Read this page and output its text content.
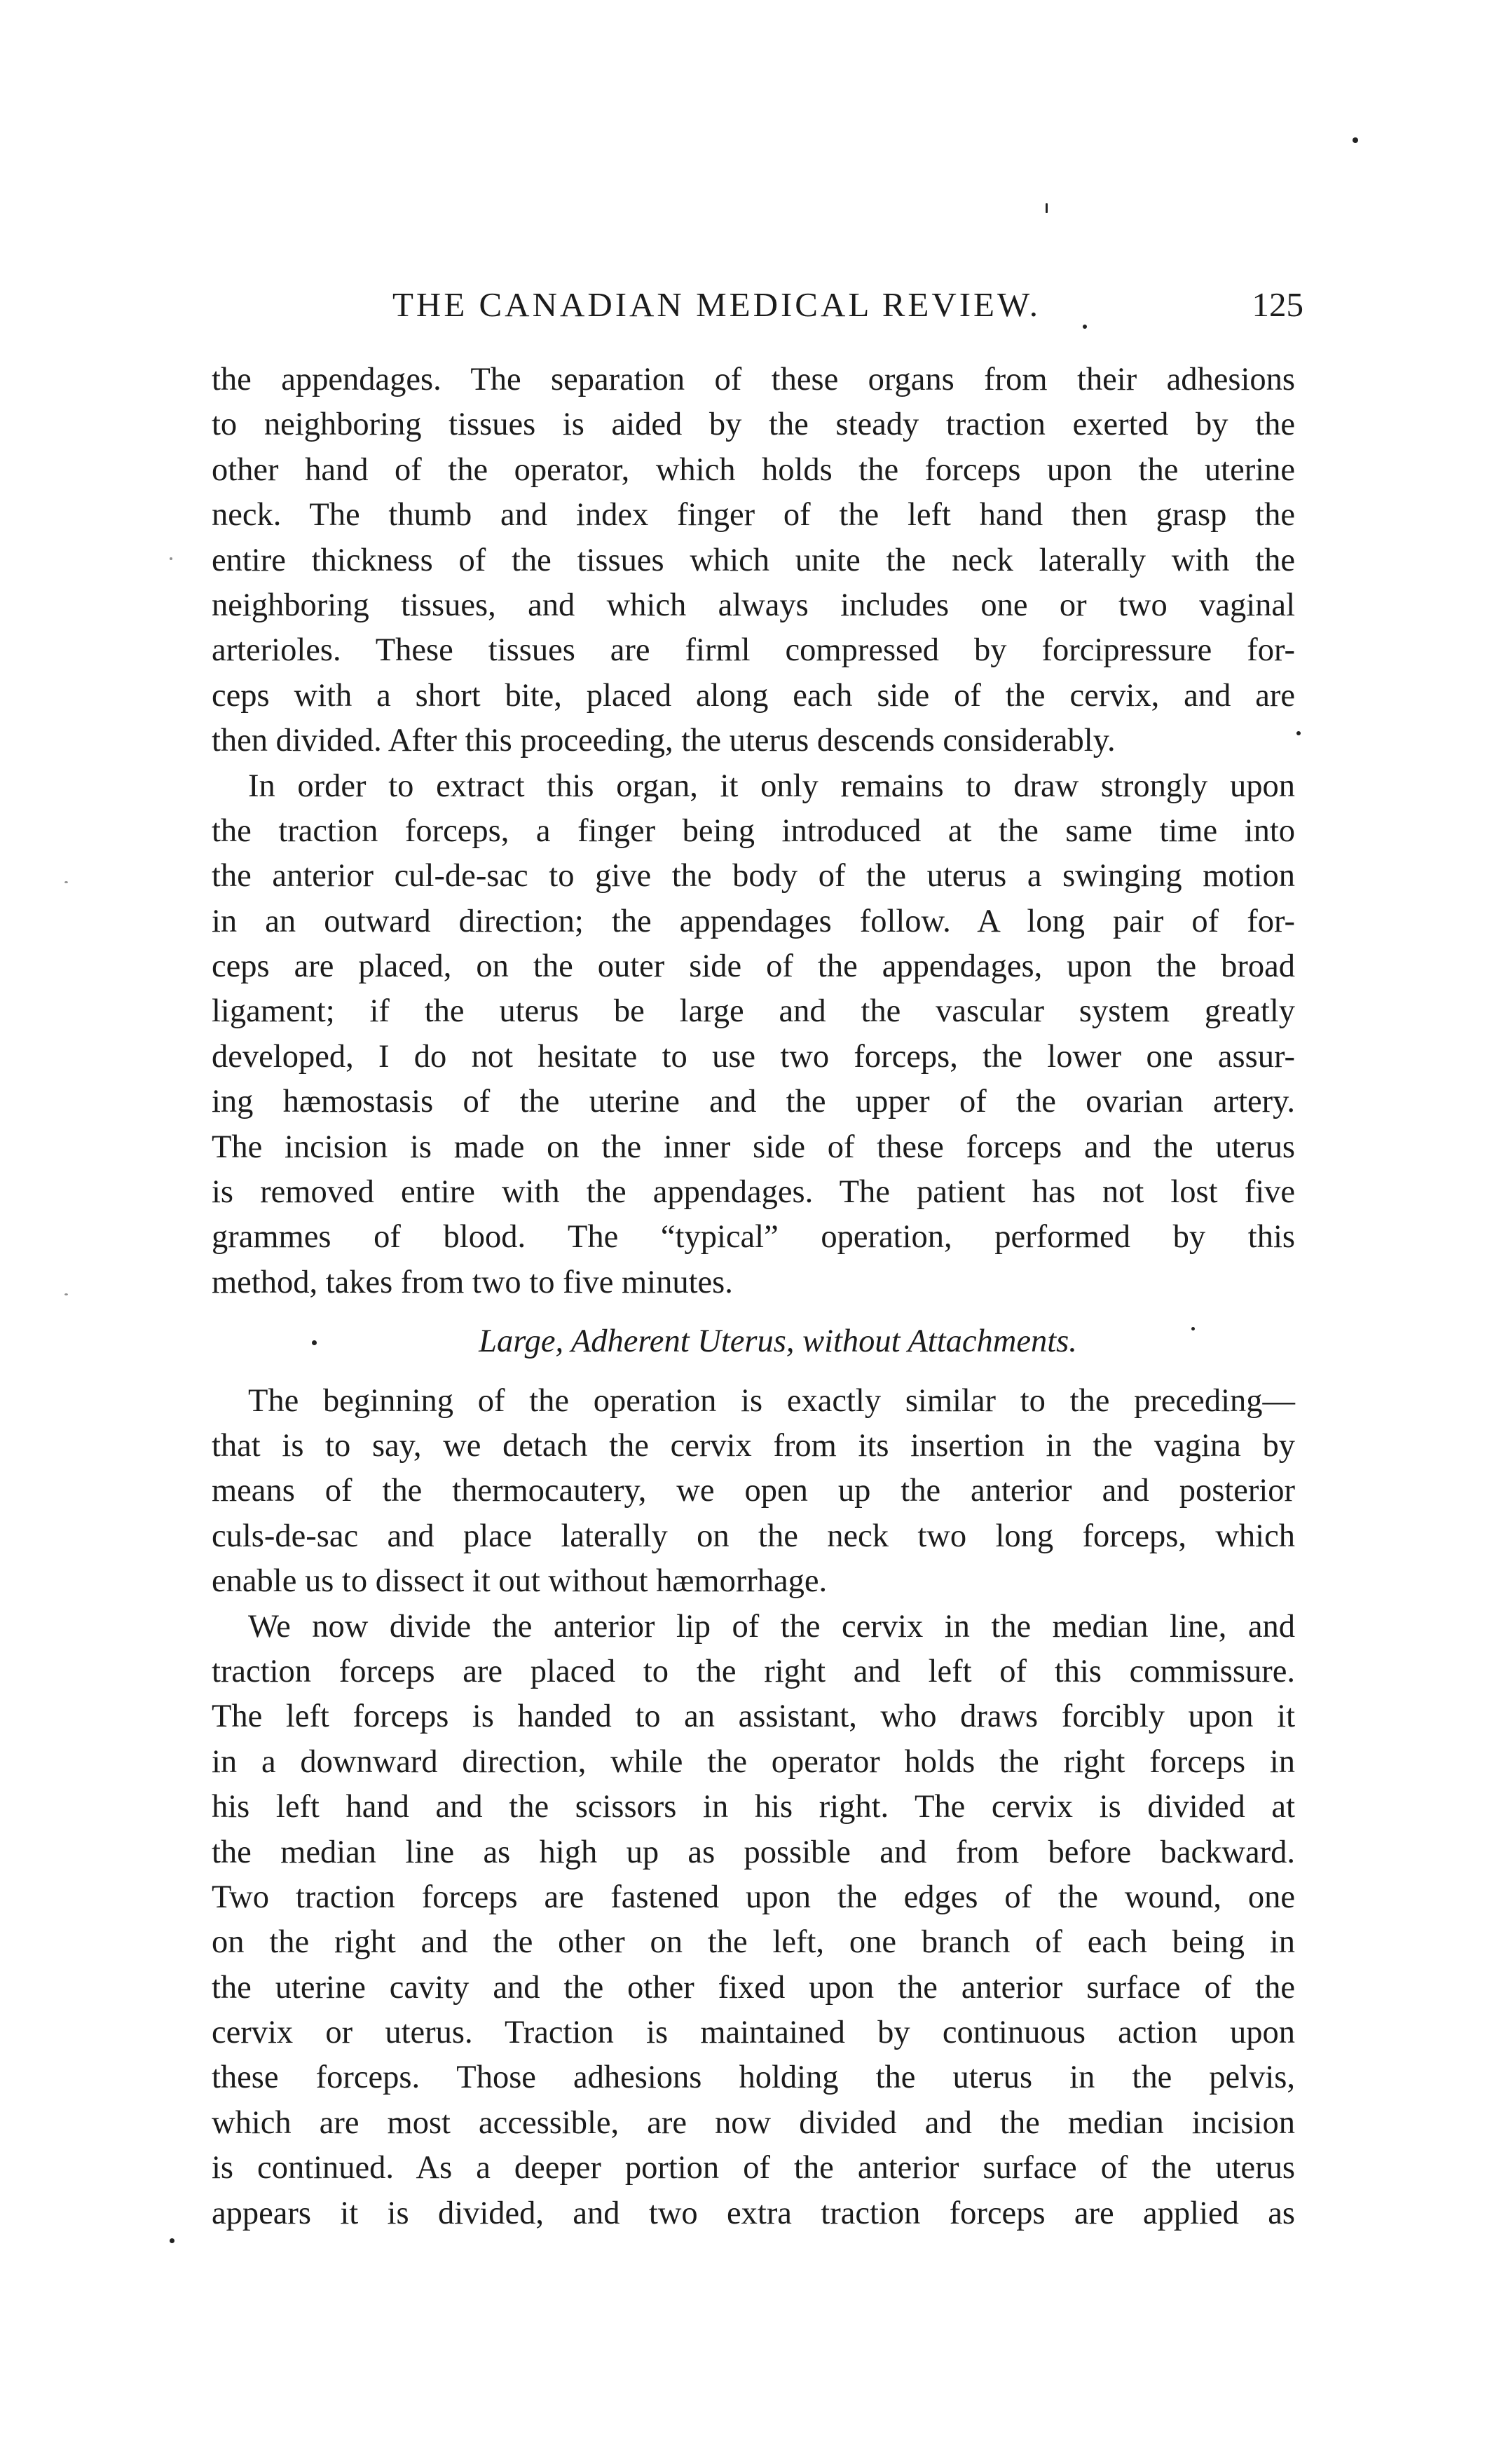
THE CANADIAN MEDICAL REVIEW.	125
the appendages. The separation of these organs from their adhesions
to neighboring tissues is aided by the steady traction exerted by the
other hand of the operator, which holds the forceps upon the uterine
neck. The thumb and index finger of the left hand then grasp the
entire thickness of the tissues which unite the neck laterally with the
neighboring tissues, and which always includes one or two vaginal
arterioles. These tissues are firml compressed by forcipressure for-
ceps with a short bite, placed along each side of the cervix, and are
then divided. After this proceeding, the uterus descends considerably.
In order to extract this organ, it only remains to draw strongly upon
the traction forceps, a finger being introduced at the same time into
the anterior cul-de-sac to give the body of the uterus a swinging motion
in an outward direction; the appendages follow. A long pair of for-
ceps are placed, on the outer side of the appendages, upon the broad
ligament; if the uterus be large and the vascular system greatly
developed, I do not hesitate to use two forceps, the lower one assur-
ing hæmostasis of the uterine and the upper of the ovarian artery.
The incision is made on the inner side of these forceps and the uterus
is removed entire with the appendages. The patient has not lost five
grammes of blood. The “typical” operation, performed by this
method, takes from two to five minutes.
Large, Adherent Uterus, without Attachments.
The beginning of the operation is exactly similar to the preceding—
that is to say, we detach the cervix from its insertion in the vagina by
means of the thermocautery, we open up the anterior and posterior
culs-de-sac and place laterally on the neck two long forceps, which
enable us to dissect it out without hæmorrhage.
We now divide the anterior lip of the cervix in the median line, and
traction forceps are placed to the right and left of this commissure.
The left forceps is handed to an assistant, who draws forcibly upon it
in a downward direction, while the operator holds the right forceps in
his left hand and the scissors in his right. The cervix is divided at
the median line as high up as possible and from before backward.
Two traction forceps are fastened upon the edges of the wound, one
on the right and the other on the left, one branch of each being in
the uterine cavity and the other fixed upon the anterior surface of the
cervix or uterus. Traction is maintained by continuous action upon
these forceps. Those adhesions holding the uterus in the pelvis,
which are most accessible, are now divided and the median incision
is continued. As a deeper portion of the anterior surface of the uterus
appears it is divided, and two extra traction forceps are applied as
